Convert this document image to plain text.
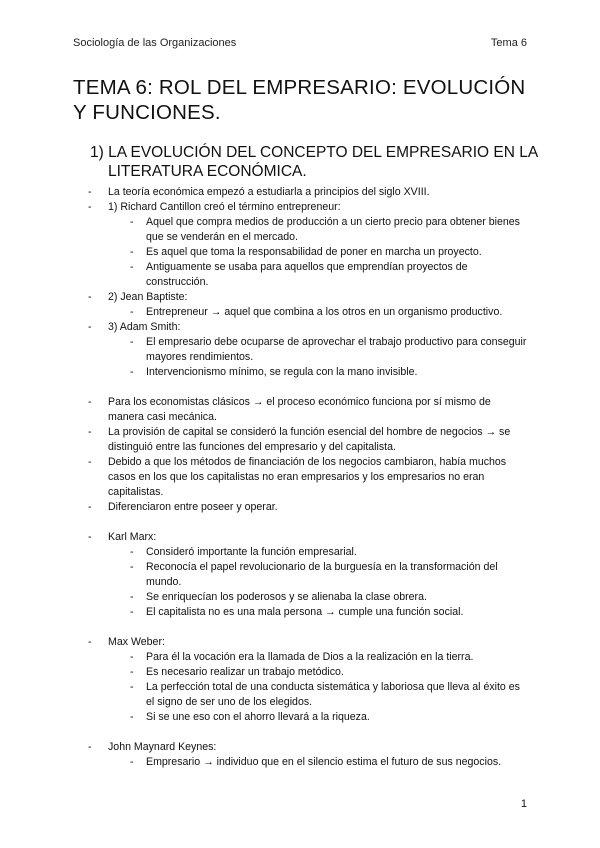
Sociología de las Organizaciones	Tema 6
TEMA 6: ROL DEL EMPRESARIO: EVOLUCIÓN Y FUNCIONES.
1) LA EVOLUCIÓN DEL CONCEPTO DEL EMPRESARIO EN LA LITERATURA ECONÓMICA.
- La teoría económica empezó a estudiarla a principios del siglo XVIII.
- 1) Richard Cantillon creó el término entrepreneur:
- Aquel que compra medios de producción a un cierto precio para obtener bienes que se venderán en el mercado.
- Es aquel que toma la responsabilidad de poner en marcha un proyecto.
- Antiguamente se usaba para aquellos que emprendían proyectos de construcción.
- 2) Jean Baptiste:
- Entrepreneur → aquel que combina a los otros en un organismo productivo.
- 3) Adam Smith:
- El empresario debe ocuparse de aprovechar el trabajo productivo para conseguir mayores rendimientos.
- Intervencionismo mínimo, se regula con la mano invisible.
- Para los economistas clásicos → el proceso económico funciona por sí mismo de manera casi mecánica.
- La provisión de capital se consideró la función esencial del hombre de negocios → se distinguió entre las funciones del empresario y del capitalista.
- Debido a que los métodos de financiación de los negocios cambiaron, había muchos casos en los que los capitalistas no eran empresarios y los empresarios no eran capitalistas.
- Diferenciaron entre poseer y operar.
- Karl Marx:
- Consideró importante la función empresarial.
- Reconocía el papel revolucionario de la burguesía en la transformación del mundo.
- Se enriquecían los poderosos y se alienaba la clase obrera.
- El capitalista no es una mala persona → cumple una función social.
- Max Weber:
- Para él la vocación era la llamada de Dios a la realización en la tierra.
- Es necesario realizar un trabajo metódico.
- La perfección total de una conducta sistemática y laboriosa que lleva al éxito es el signo de ser uno de los elegidos.
- Si se une eso con el ahorro llevará a la riqueza.
- John Maynard Keynes:
- Empresario → individuo que en el silencio estima el futuro de sus negocios.
1
